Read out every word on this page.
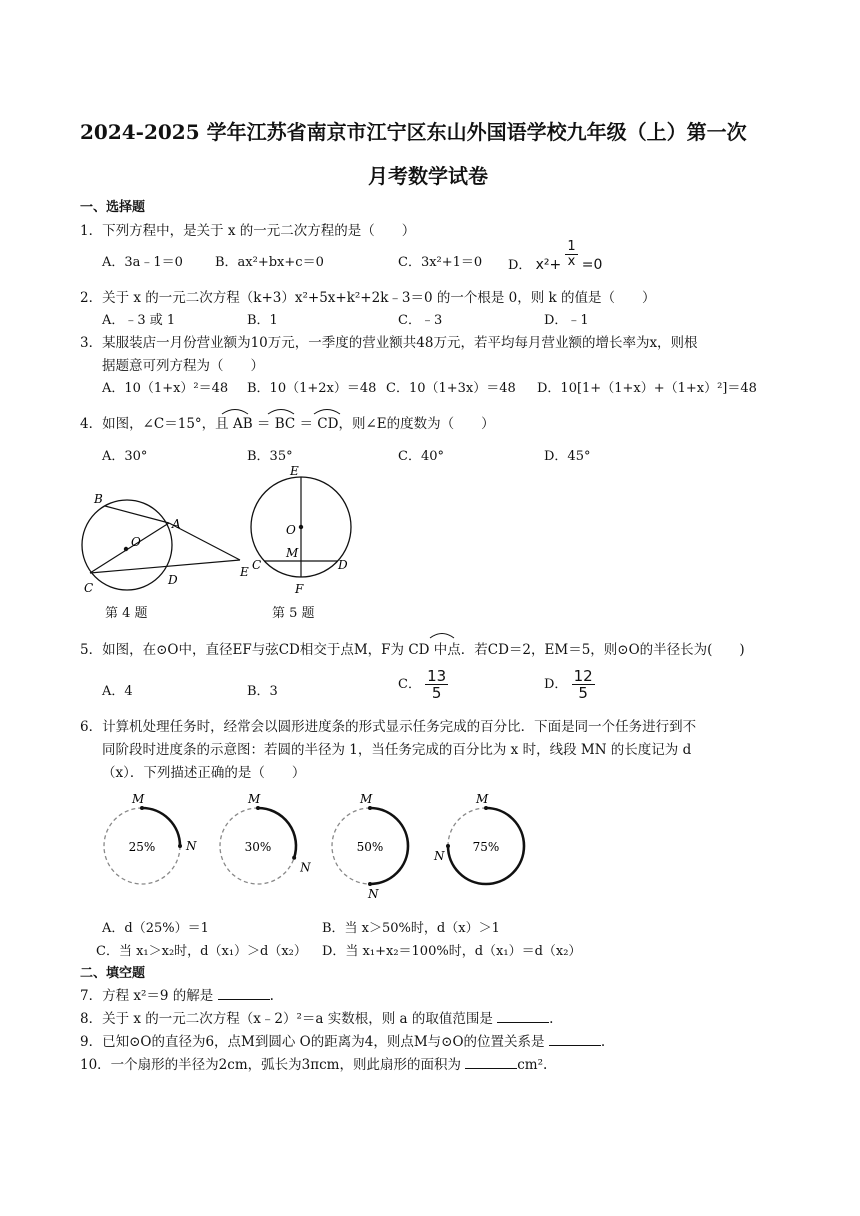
2024-2025 学年江苏省南京市江宁区东山外国语学校九年级（上）第一次
月考数学试卷
一、选择题
1．下列方程中，是关于 x 的一元二次方程的是（　　）
A．3a﹣1＝0 B．ax²+bx+c＝0	C．3x²+1＝0 D． $x^2+ \frac{1}{x} =0$
2．关于 x 的一元二次方程（k+3）x²+5x+k²+2k﹣3＝0 的一个根是 0，则 k 的值是（　　）
A．﹣3 或 1	B．1	C．﹣3	D．﹣1
3．某服装店一月份营业额为10万元，一季度的营业额共48万元，若平均每月营业额的增长率为x，则根
据题意可列方程为（　　）
A．10（1+x）²＝48 B．10（1+2x）＝48 C．10（1+3x）＝48 D．10[1+（1+x）+（1+x）²]＝48
4．如图，∠C＝15°，且 AB ＝ BC ＝ CD，则∠E的度数为（　　）
A．30°	B．35°	C．40°	D．45°
B
A
O
C
D
E
第 4 题
E
O
M
C	D
F
第 5 题
5．如图，在⊙O中，直径EF与弦CD相交于点M，F为 CD 中点．若CD＝2，EM＝5，则⊙O的半径长为(　　)
A．4	B．3	C． $\frac{13}{5}$	D． $\frac{12}{5}$
6．计算机处理任务时，经常会以圆形进度条的形式显示任务完成的百分比．下面是同一个任务进行到不
同阶段时进度条的示意图：若圆的半径为 1，当任务完成的百分比为 x 时，线段 MN 的长度记为 d
（x）．下列描述正确的是（　　）
25%
M
N	30%
M
N
50%
M
N
75%
M
N
A．d（25%）＝1	B．当 x＞50%时，d（x）＞1
C．当 x₁＞x₂时，d（x₁）＞d（x₂） D．当 x₁+x₂＝100%时，d（x₁）＝d（x₂）
二、填空题
7．方程 x²＝9 的解是	.
8．关于 x 的一元二次方程（x﹣2）²＝a 实数根，则 a 的取值范围是	.
9．已知⊙O的直径为6，点M到圆心 O的距离为4，则点M与⊙O的位置关系是	.
10．一个扇形的半径为2cm，弧长为3πcm，则此扇形的面积为	cm².
